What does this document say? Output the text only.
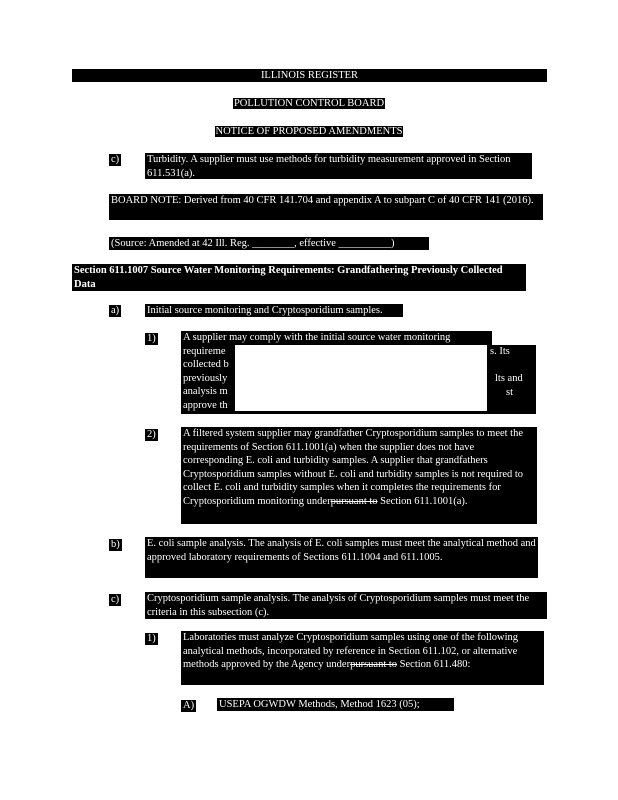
ILLINOIS REGISTER
POLLUTION CONTROL BOARD
NOTICE OF PROPOSED AMENDMENTS
c)	Turbidity. A supplier must use methods for turbidity measurement approved in Section 611.531(a).
BOARD NOTE: Derived from 40 CFR 141.704 and appendix A to subpart C of 40 CFR 141 (2016).
(Source: Amended at 42 Ill. Reg. ________, effective __________)
Section 611.1007 Source Water Monitoring Requirements: Grandfathering Previously Collected Data
a)	Initial source monitoring and Cryptosporidium samples.
1)	A supplier may comply with the initial source water monitoring
requireme
collected b
previously
analysis m
approve th
s. Its
lts and
st
2)	A filtered system supplier may grandfather Cryptosporidium samples to meet the requirements of Section 611.1001(a) when the supplier does not have corresponding E. coli and turbidity samples. A supplier that grandfathers Cryptosporidium samples without E. coli and turbidity samples is not required to collect E. coli and turbidity samples when it completes the requirements for Cryptosporidium monitoring underpursuant to Section 611.1001(a).
b)	E. coli sample analysis. The analysis of E. coli samples must meet the analytical method and approved laboratory requirements of Sections 611.1004 and 611.1005.
c)	Cryptosporidium sample analysis. The analysis of Cryptosporidium samples must meet the criteria in this subsection (c).
1)	Laboratories must analyze Cryptosporidium samples using one of the following analytical methods, incorporated by reference in Section 611.102, or alternative methods approved by the Agency underpursuant to Section 611.480:
A) USEPA OGWDW Methods, Method 1623 (05);
